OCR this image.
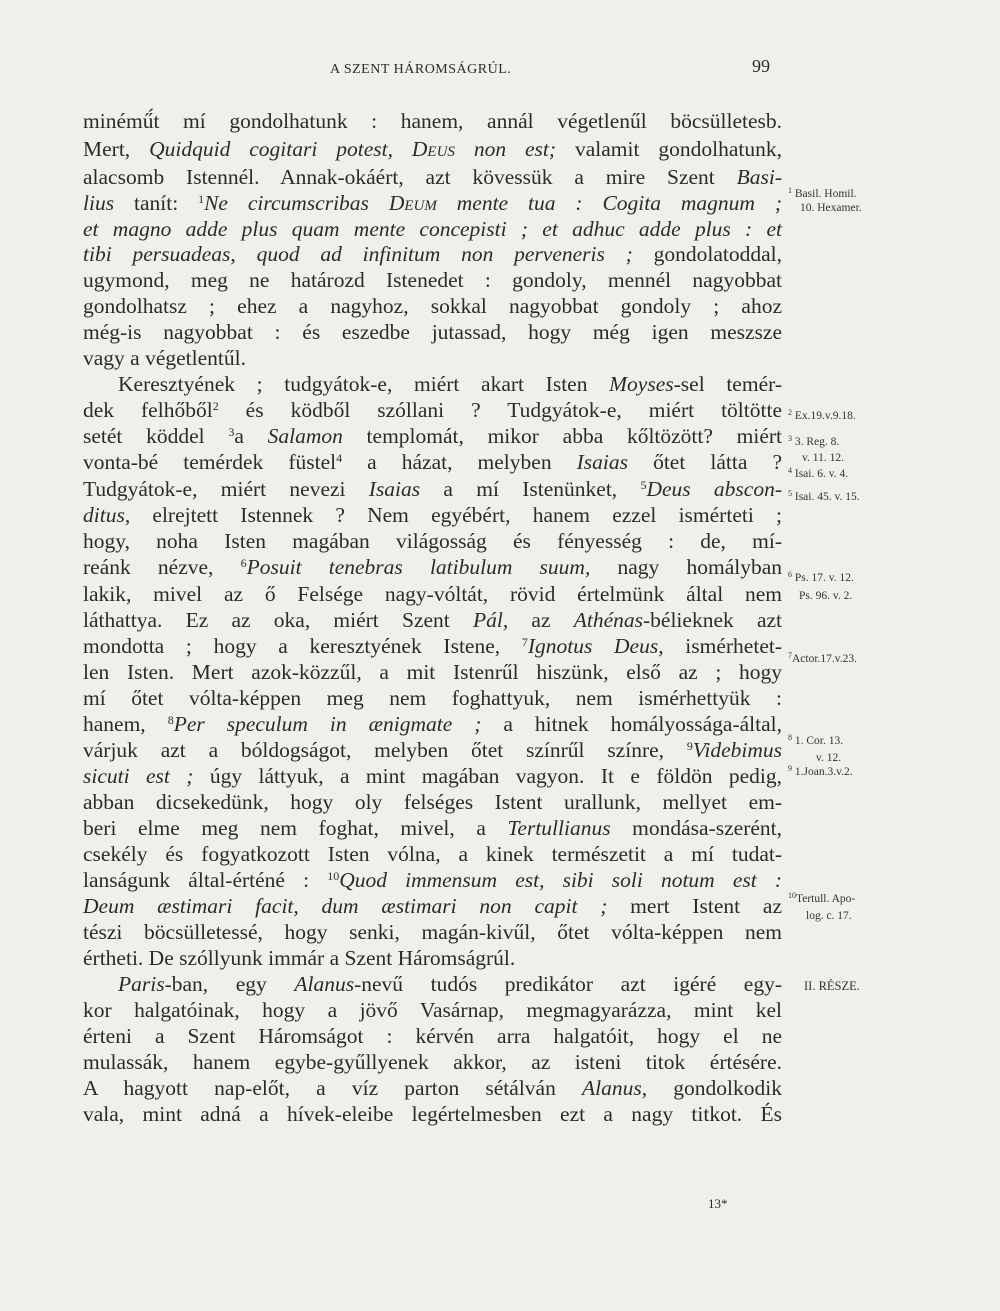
A SZENT HÁROMSÁGRÚL.	99
minémű́t mí gondolhatunk : hanem, annál végetlenűl böcsülletesb.
Mert, Quidquid cogitari potest, Deus non est; valamit gondolhatunk,
alacsomb Istennél. Annak-okáért, azt kövessük a mire Szent Basi-
lius tanít: $^1$Ne circumscribas Deum mente tua : Cogita magnum ;
et magno adde plus quam mente concepisti ; et adhuc adde plus : et
tibi persuadeas, quod ad infinitum non perveneris ; gondolatoddal,
ugymond, meg ne határozd Istenedet : gondoly, mennél nagyobbat
gondolhatsz ; ehez a nagyhoz, sokkal nagyobbat gondoly ; ahoz
még-is nagyobbat : és eszedbe jutassad, hogy még igen meszsze
vagy a végetlentűl.
Keresztyének ; tudgyátok-e, miért akart Isten Moyses-sel temér-
dek felhőből$^2$ és ködből szóllani ? Tudgyátok-e, miért töltötte
setét köddel $^3$a Salamon templomát, mikor abba kőltözött? miért
vonta-bé temérdek füstel$^4$ a házat, melyben Isaias őtet látta ?
Tudgyátok-e, miért nevezi Isaias a mí Istenünket, $^5$Deus abscon-
ditus, elrejtett Istennek ? Nem egyébért, hanem ezzel ismérteti ;
hogy, noha Isten magában világosság és fényesség : de, mí-
reánk nézve, $^6$Posuit tenebras latibulum suum, nagy homályban
lakik, mivel az ő Felsége nagy-vóltát, rövid értelmünk által nem
láthattya. Ez az oka, miért Szent Pál, az Athénas-bélieknek azt
mondotta ; hogy a keresztyének Istene, $^7$Ignotus Deus, ismérhetet-
len Isten. Mert azok-közzűl, a mit Istenrűl hiszünk, első az ; hogy
mí őtet vólta-képpen meg nem foghattyuk, nem ismérhettyük :
hanem, $^8$Per speculum in ænigmate ; a hitnek homályossága-által,
várjuk azt a bóldogságot, melyben őtet színrűl színre, $^9$Videbimus
sicuti est ; úgy láttyuk, a mint magában vagyon. It e földön pedig,
abban dicsekedünk, hogy oly felséges Istent urallunk, mellyet em-
beri elme meg nem foghat, mivel, a Tertullianus mondása-szerént,
csekély és fogyatkozott Isten vólna, a kinek természetit a mí tudat-
lanságunk által-érténé : $^{10}$Quod immensum est, sibi soli notum est :
Deum æstimari facit, dum æstimari non capit ; mert Istent az
tészi böcsülletessé, hogy senki, magán-kivűl, őtet vólta-képpen nem
értheti. De szóllyunk immár a Szent Háromságrúl.
Paris-ban, egy Alanus-nevű tudós predikátor azt igéré egy-
kor halgatóinak, hogy a jövő Vasárnap, megmagyarázza, mint kel
érteni a Szent Háromságot : kérvén arra halgatóit, hogy el ne
mulassák, hanem egybe-gyűllyenek akkor, az isteni titok értésére.
A hagyott nap-előt, a víz parton sétálván Alanus, gondolkodik
vala, mint adná a hívek-eleibe legértelmesben ezt a nagy titkot. És
$^1$ Basil. Homil.
10. Hexamer.
$^2$ Ex.19.v.9.18.
$^3$ 3. Reg. 8.
v. 11. 12.
$^4$ Isai. 6. v. 4.
$^5$ Isai. 45. v. 15.
$^6$ Ps. 17. v. 12.
Ps. 96. v. 2.
$^7$Actor.17.v.23.
$^8$ 1. Cor. 13.
v. 12.
$^9$ 1.Joan.3.v.2.
$^{10}$Tertull. Apo-
log. c. 17.
II. RÉSZE.
13*
